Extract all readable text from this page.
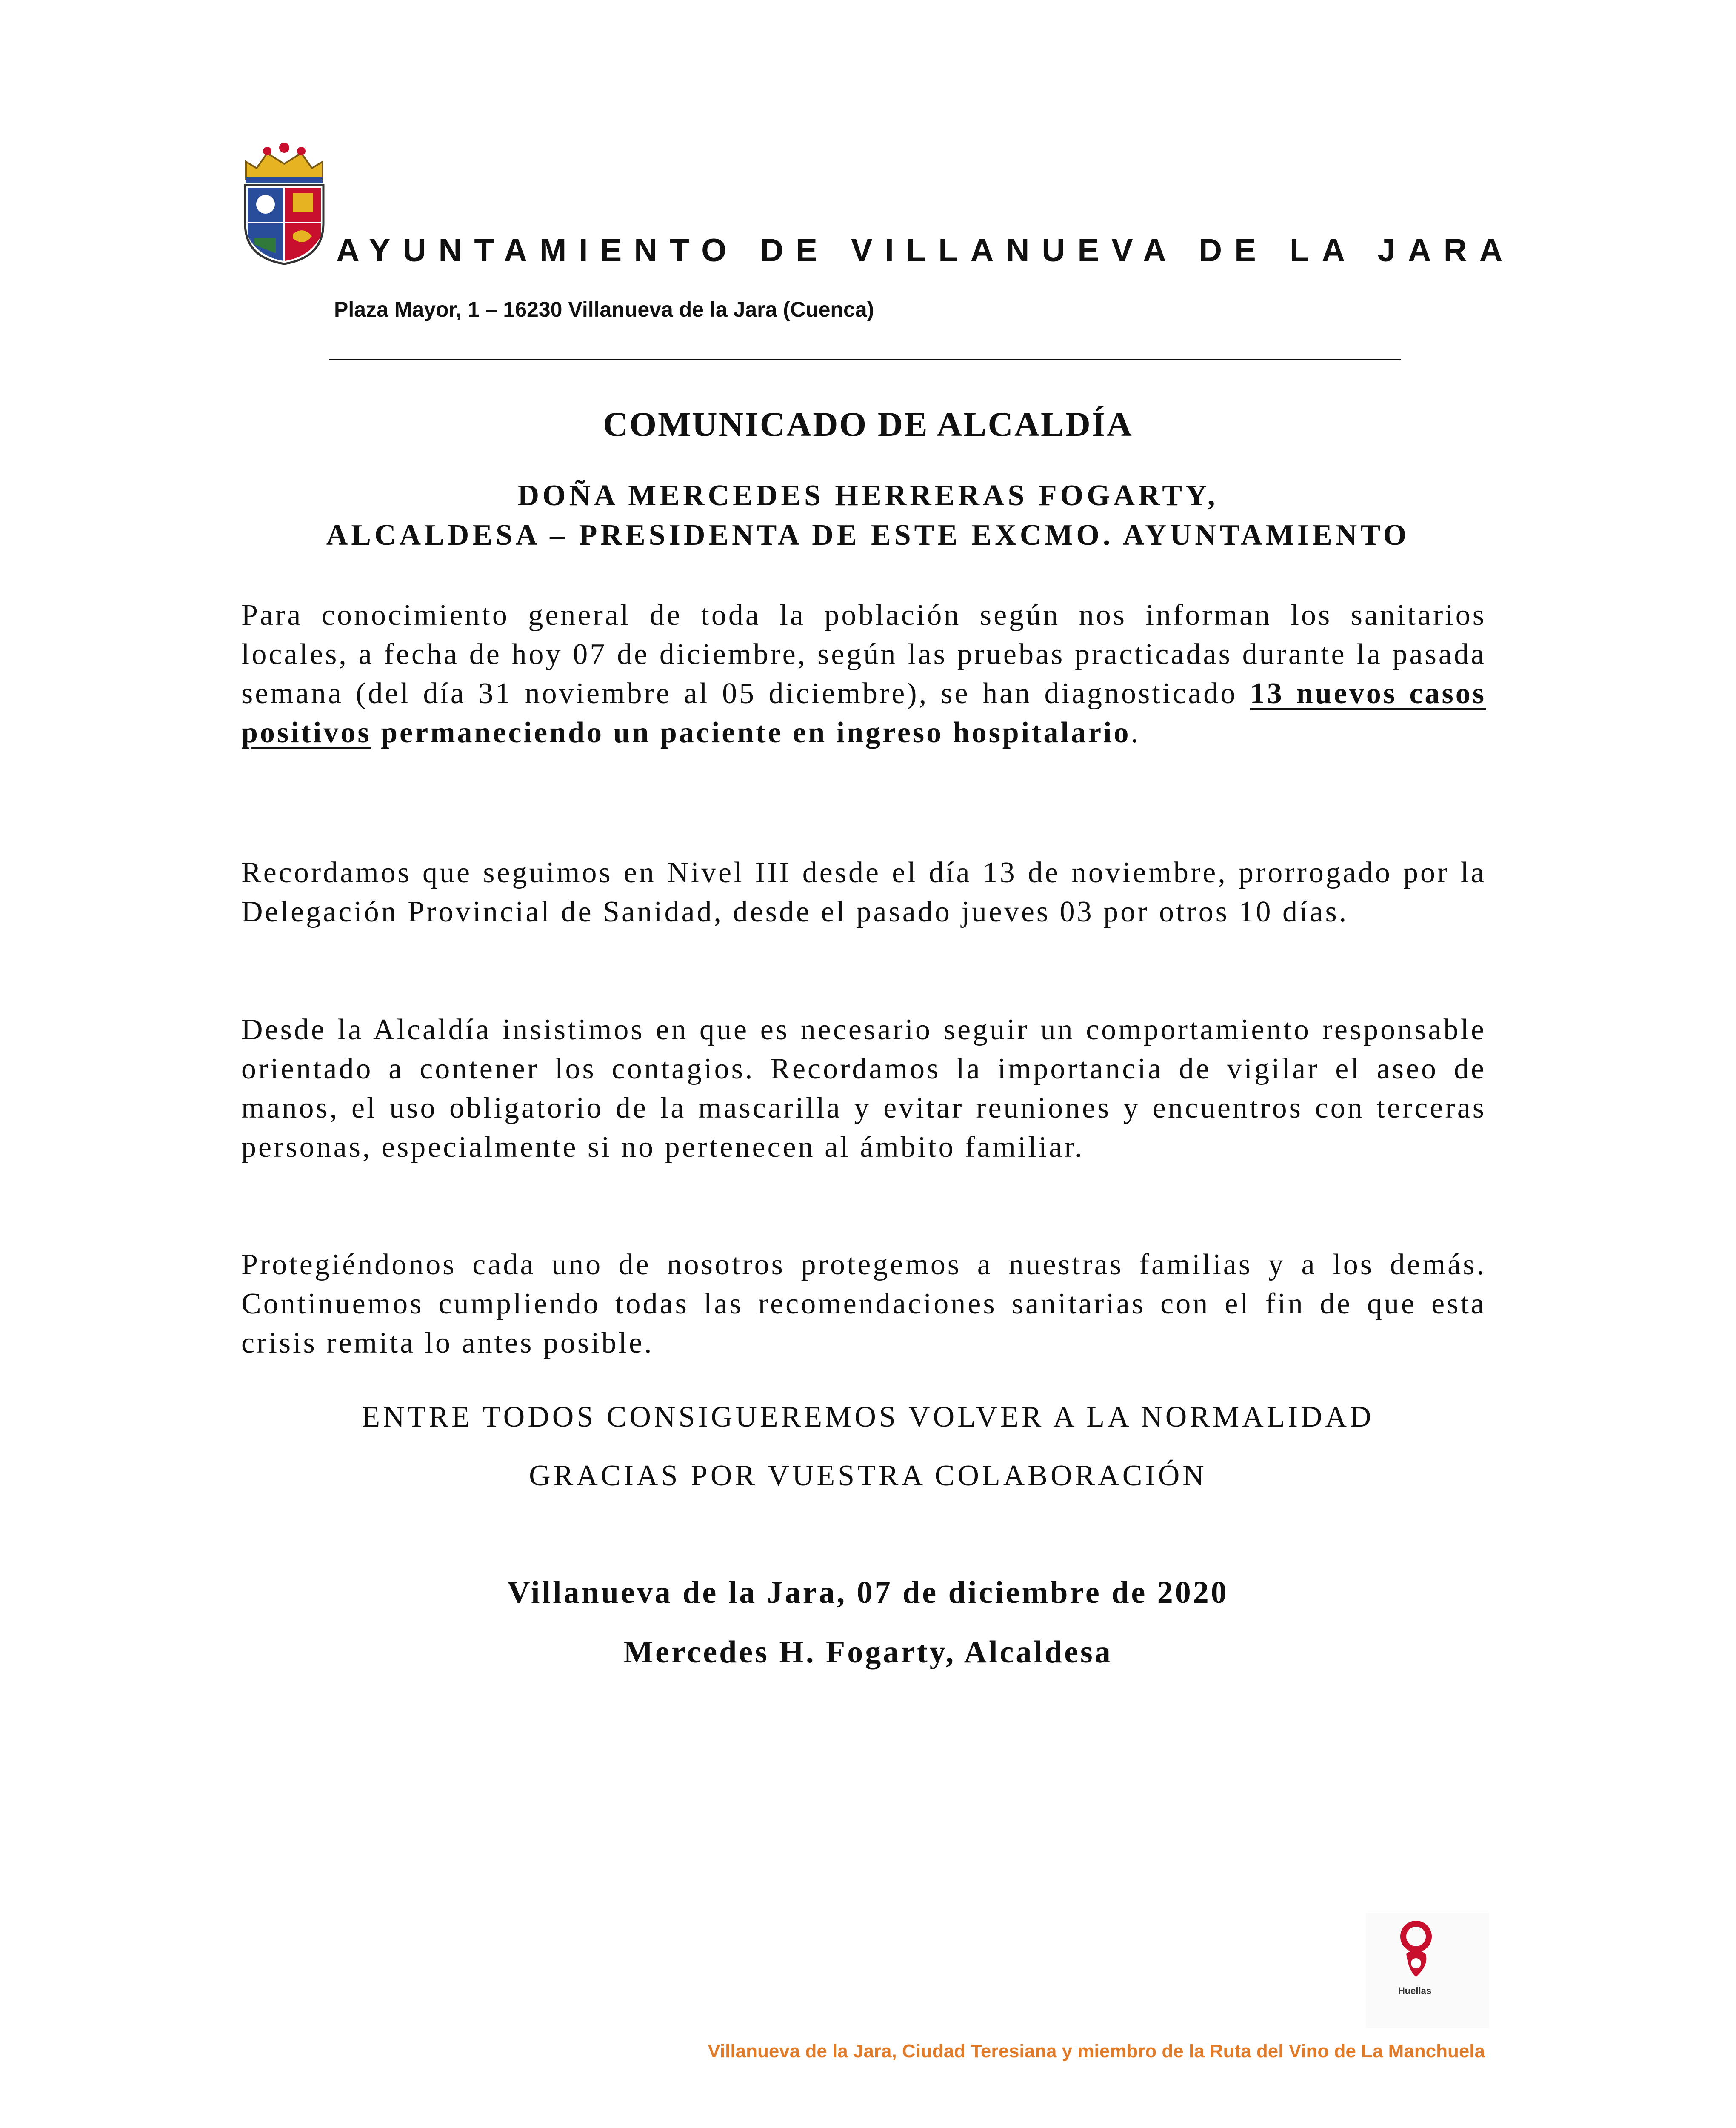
AYUNTAMIENTO DE VILLANUEVA DE LA JARA
Plaza Mayor, 1 – 16230 Villanueva de la Jara (Cuenca)
COMUNICADO DE ALCALDÍA
DOÑA MERCEDES HERRERAS FOGARTY,
ALCALDESA – PRESIDENTA DE ESTE EXCMO. AYUNTAMIENTO

Para conocimiento general de toda la población según nos informan los sanitarios locales, a fecha de hoy 07 de diciembre, según las pruebas practicadas durante la pasada semana (del día 31 noviembre al 05 diciembre), se han diagnosticado 13 nuevos casos positivos permaneciendo un paciente en ingreso hospitalario.

Recordamos que seguimos en Nivel III desde el día 13 de noviembre, prorrogado por la Delegación Provincial de Sanidad, desde el pasado jueves 03 por otros 10 días.

Desde la Alcaldía insistimos en que es necesario seguir un comportamiento responsable orientado a contener los contagios. Recordamos la importancia de vigilar el aseo de manos, el uso obligatorio de la mascarilla y evitar reuniones y encuentros con terceras personas, especialmente si no pertenecen al ámbito familiar.

Protegiéndonos cada uno de nosotros protegemos a nuestras familias y a los demás. Continuemos cumpliendo todas las recomendaciones sanitarias con el fin de que esta crisis remita lo antes posible.

ENTRE TODOS CONSIGUEREMOS VOLVER A LA NORMALIDAD
GRACIAS POR VUESTRA COLABORACIÓN
Villanueva de la Jara, 07 de diciembre de 2020
Mercedes H. Fogarty, Alcaldesa
Huellas
Villanueva de la Jara, Ciudad Teresiana y miembro de la Ruta del Vino de La Manchuela
